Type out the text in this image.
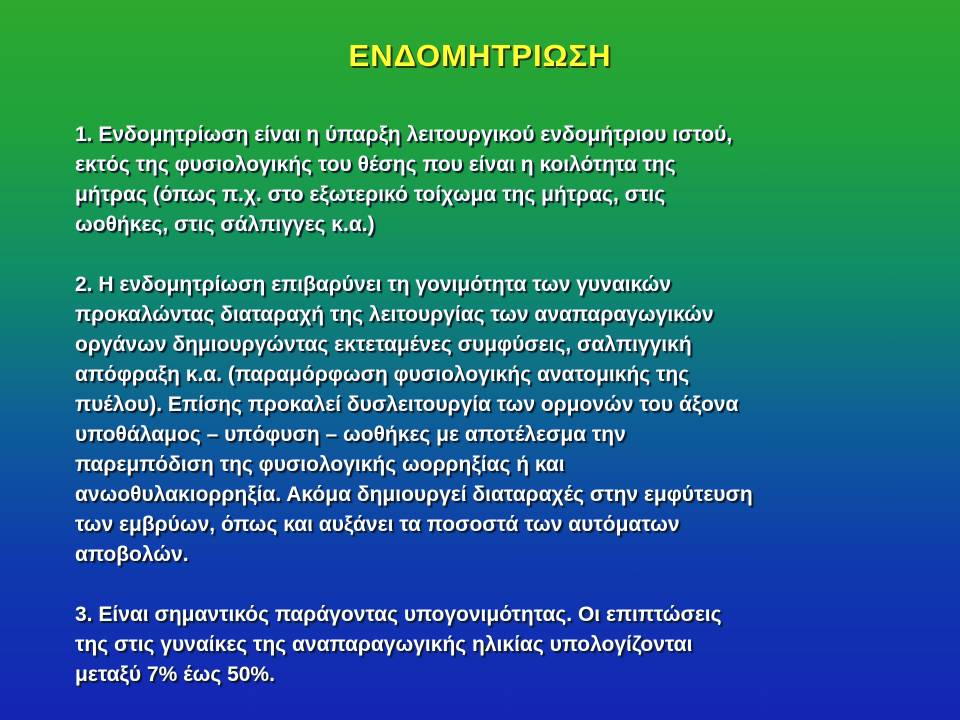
ΕΝΔΟΜΗΤΡΙΩΣΗ

1. Ενδομητρίωση είναι η ύπαρξη λειτουργικού ενδομήτριου ιστού,
εκτός της φυσιολογικής του θέσης που είναι η κοιλότητα της
μήτρας (όπως π.χ. στο εξωτερικό τοίχωμα της μήτρας, στις
ωοθήκες, στις σάλπιγγες κ.α.)

2. Η ενδομητρίωση επιβαρύνει τη γονιμότητα των γυναικών
προκαλώντας διαταραχή της λειτουργίας των αναπαραγωγικών
οργάνων δημιουργώντας εκτεταμένες συμφύσεις, σαλπιγγική
απόφραξη κ.α. (παραμόρφωση φυσιολογικής ανατομικής της
πυέλου). Επίσης προκαλεί δυσλειτουργία των ορμονών του άξονα
υποθάλαμος – υπόφυση – ωοθήκες με αποτέλεσμα την
παρεμπόδιση της φυσιολογικής ωορρηξίας ή και
ανωοθυλακιορρηξία. Ακόμα δημιουργεί διαταραχές στην εμφύτευση
των εμβρύων, όπως και αυξάνει τα ποσοστά των αυτόματων
αποβολών.

3. Είναι σημαντικός παράγοντας υπογονιμότητας. Οι επιπτώσεις
της στις γυναίκες της αναπαραγωγικής ηλικίας υπολογίζονται
μεταξύ 7% έως 50%.
